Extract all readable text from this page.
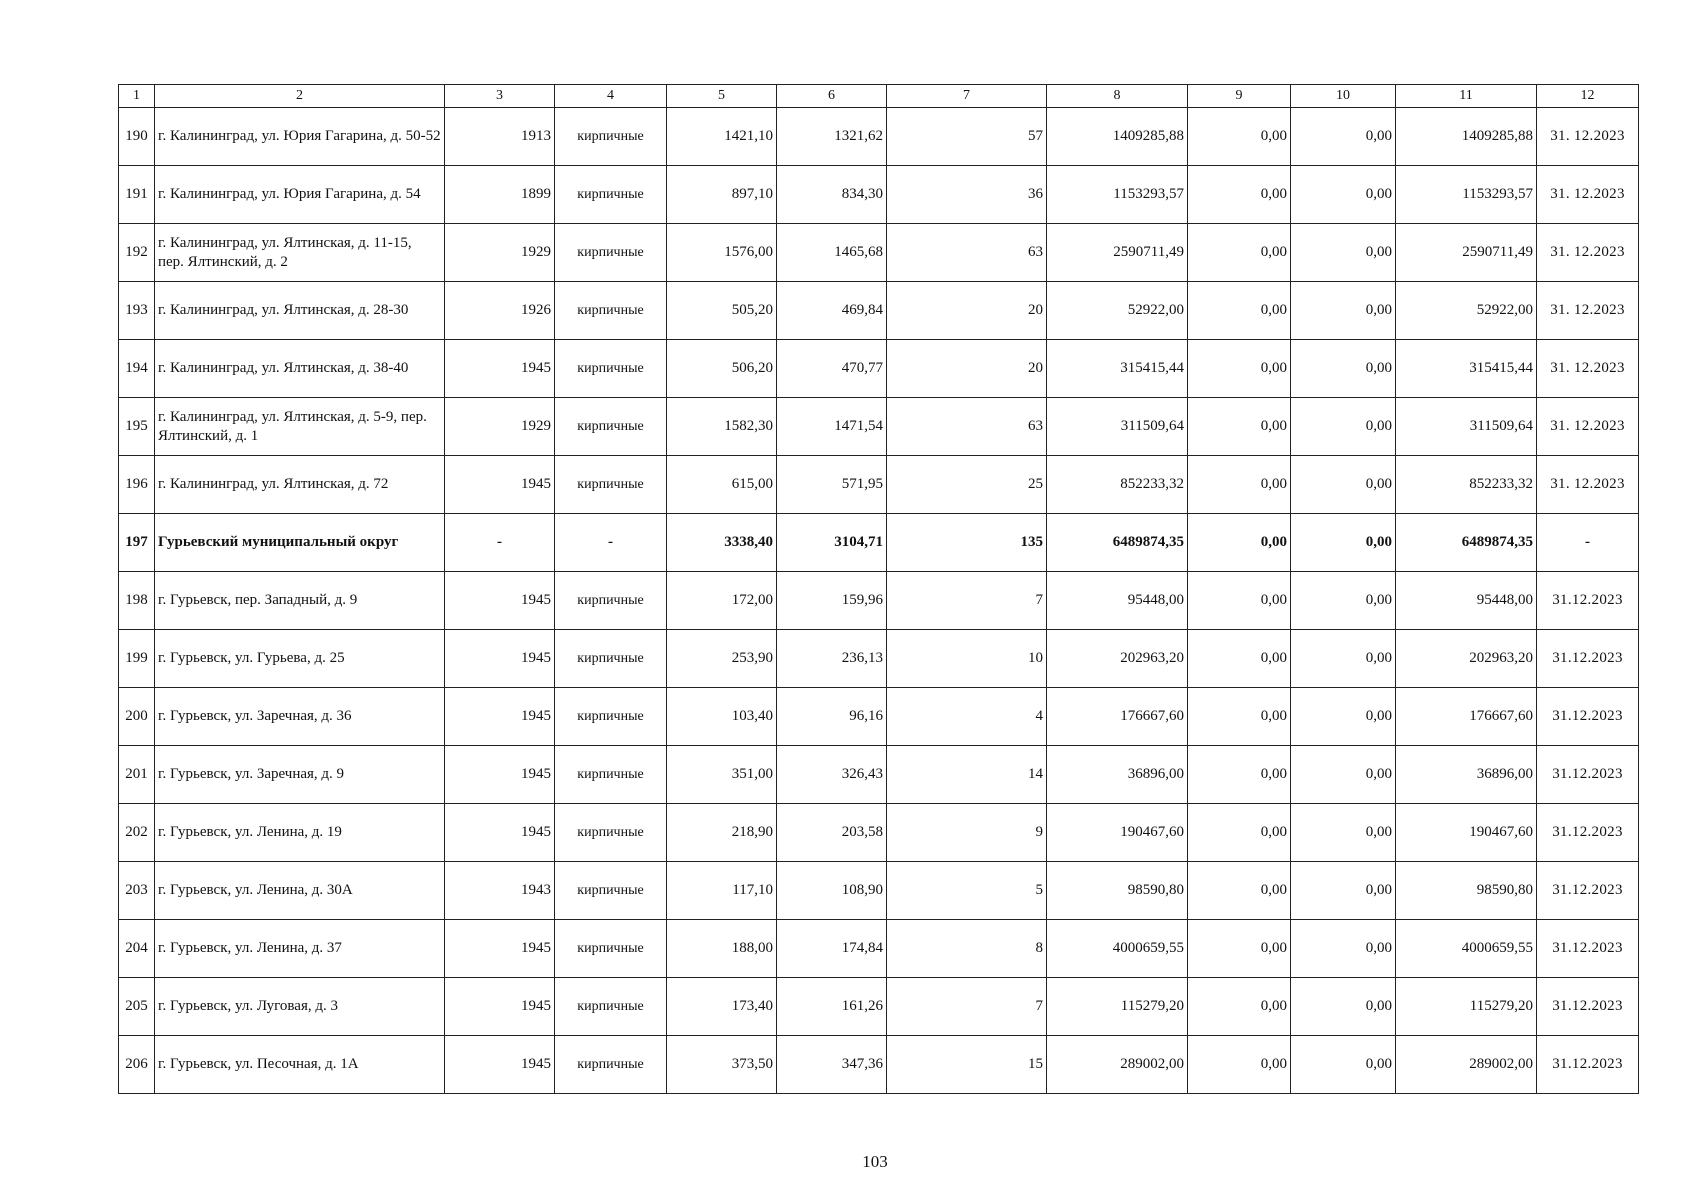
1	2	3	4	5	6	7	8	9	10	11	12
190	г. Калининград, ул. Юрия Гагарина, д. 50-52	1913	кирпичные	1421,10	1321,62	57	1409285,88	0,00	0,00	1409285,88	31. 12.2023
191	г. Калининград, ул. Юрия Гагарина, д. 54	1899	кирпичные	897,10	834,30	36	1153293,57	0,00	0,00	1153293,57	31. 12.2023
192	г. Калининград, ул. Ялтинская, д. 11-15, пер. Ялтинский, д. 2	1929	кирпичные	1576,00	1465,68	63	2590711,49	0,00	0,00	2590711,49	31. 12.2023
193	г. Калининград, ул. Ялтинская, д. 28-30	1926	кирпичные	505,20	469,84	20	52922,00	0,00	0,00	52922,00	31. 12.2023
194	г. Калининград, ул. Ялтинская, д. 38-40	1945	кирпичные	506,20	470,77	20	315415,44	0,00	0,00	315415,44	31. 12.2023
195	г. Калининград, ул. Ялтинская, д. 5-9, пер. Ялтинский, д. 1	1929	кирпичные	1582,30	1471,54	63	311509,64	0,00	0,00	311509,64	31. 12.2023
196	г. Калининград, ул. Ялтинская, д. 72	1945	кирпичные	615,00	571,95	25	852233,32	0,00	0,00	852233,32	31. 12.2023
197	Гурьевский муниципальный округ	-	-	3338,40	3104,71	135	6489874,35	0,00	0,00	6489874,35	-
198	г. Гурьевск, пер. Западный, д. 9	1945	кирпичные	172,00	159,96	7	95448,00	0,00	0,00	95448,00	31.12.2023
199	г. Гурьевск, ул. Гурьева, д. 25	1945	кирпичные	253,90	236,13	10	202963,20	0,00	0,00	202963,20	31.12.2023
200	г. Гурьевск, ул. Заречная, д. 36	1945	кирпичные	103,40	96,16	4	176667,60	0,00	0,00	176667,60	31.12.2023
201	г. Гурьевск, ул. Заречная, д. 9	1945	кирпичные	351,00	326,43	14	36896,00	0,00	0,00	36896,00	31.12.2023
202	г. Гурьевск, ул. Ленина, д. 19	1945	кирпичные	218,90	203,58	9	190467,60	0,00	0,00	190467,60	31.12.2023
203	г. Гурьевск, ул. Ленина, д. 30А	1943	кирпичные	117,10	108,90	5	98590,80	0,00	0,00	98590,80	31.12.2023
204	г. Гурьевск, ул. Ленина, д. 37	1945	кирпичные	188,00	174,84	8	4000659,55	0,00	0,00	4000659,55	31.12.2023
205	г. Гурьевск, ул. Луговая, д. 3	1945	кирпичные	173,40	161,26	7	115279,20	0,00	0,00	115279,20	31.12.2023
206	г. Гурьевск, ул. Песочная, д. 1А	1945	кирпичные	373,50	347,36	15	289002,00	0,00	0,00	289002,00	31.12.2023
103
